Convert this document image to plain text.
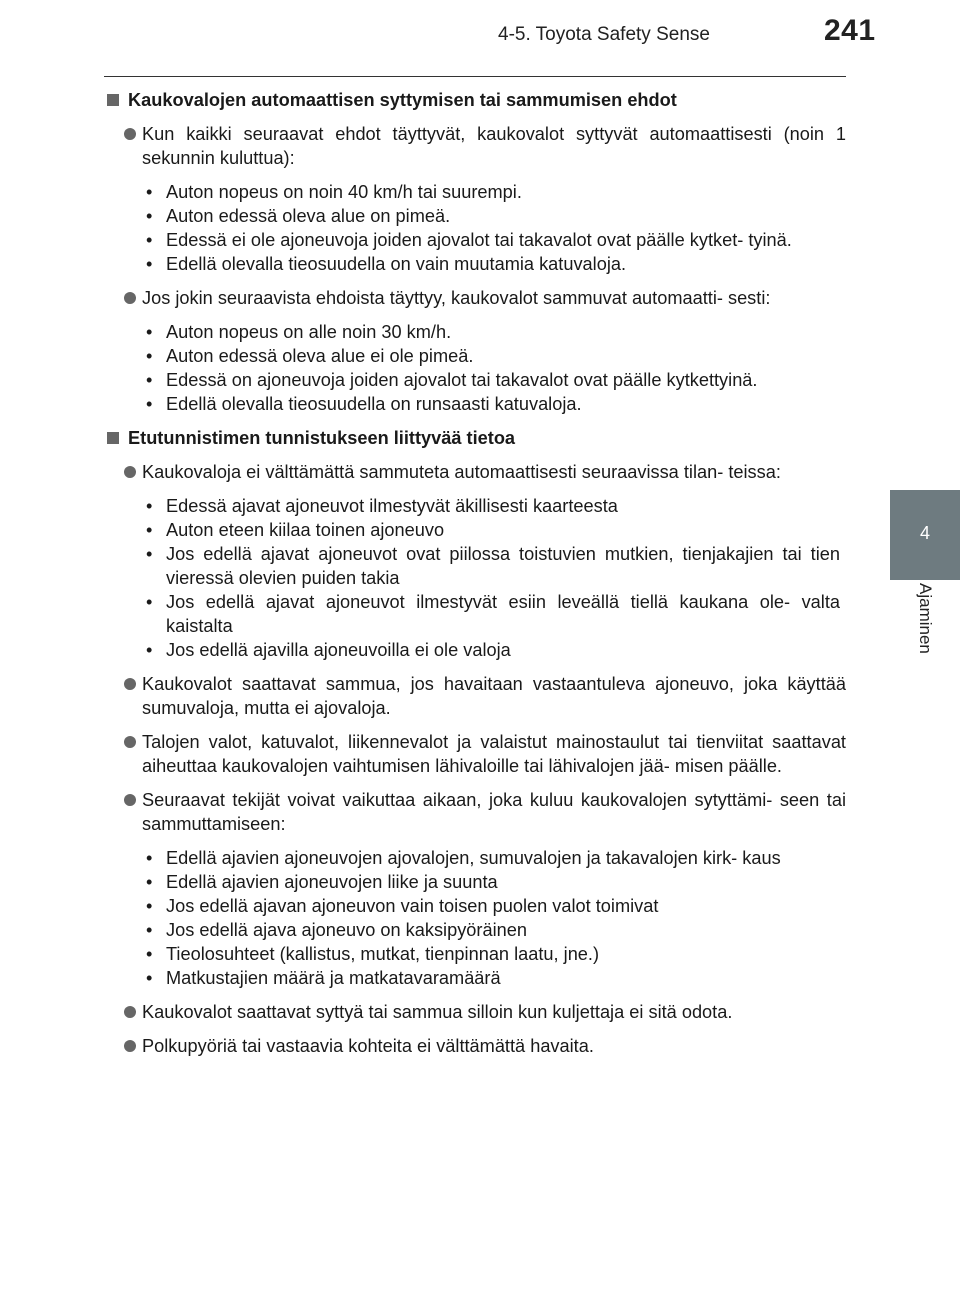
4-5. Toyota Safety Sense	241
4
Ajaminen
Kaukovalojen automaattisen syttymisen tai sammumisen ehdot
Kun kaikki seuraavat ehdot täyttyvät, kaukovalot syttyvät automaattisesti (noin 1 sekunnin kuluttua):
• Auton nopeus on noin 40 km/h tai suurempi.
• Auton edessä oleva alue on pimeä.
• Edessä ei ole ajoneuvoja joiden ajovalot tai takavalot ovat päälle kytket- tyinä.
• Edellä olevalla tieosuudella on vain muutamia katuvaloja.
Jos jokin seuraavista ehdoista täyttyy, kaukovalot sammuvat automaatti- sesti:
• Auton nopeus on alle noin 30 km/h.
• Auton edessä oleva alue ei ole pimeä.
• Edessä on ajoneuvoja joiden ajovalot tai takavalot ovat päälle kytkettyinä.
• Edellä olevalla tieosuudella on runsaasti katuvaloja.
Etutunnistimen tunnistukseen liittyvää tietoa
Kaukovaloja ei välttämättä sammuteta automaattisesti seuraavissa tilan- teissa:
• Edessä ajavat ajoneuvot ilmestyvät äkillisesti kaarteesta
• Auton eteen kiilaa toinen ajoneuvo
• Jos edellä ajavat ajoneuvot ovat piilossa toistuvien mutkien, tienjakajien tai tien vieressä olevien puiden takia
• Jos edellä ajavat ajoneuvot ilmestyvät esiin leveällä tiellä kaukana ole- valta kaistalta
• Jos edellä ajavilla ajoneuvoilla ei ole valoja
Kaukovalot saattavat sammua, jos havaitaan vastaantuleva ajoneuvo, joka käyttää sumuvaloja, mutta ei ajovaloja.
Talojen valot, katuvalot, liikennevalot ja valaistut mainostaulut tai tienviitat saattavat aiheuttaa kaukovalojen vaihtumisen lähivaloille tai lähivalojen jää- misen päälle.
Seuraavat tekijät voivat vaikuttaa aikaan, joka kuluu kaukovalojen sytyttämi- seen tai sammuttamiseen:
• Edellä ajavien ajoneuvojen ajovalojen, sumuvalojen ja takavalojen kirk- kaus
• Edellä ajavien ajoneuvojen liike ja suunta
• Jos edellä ajavan ajoneuvon vain toisen puolen valot toimivat
• Jos edellä ajava ajoneuvo on kaksipyöräinen
• Tieolosuhteet (kallistus, mutkat, tienpinnan laatu, jne.)
• Matkustajien määrä ja matkatavaramäärä
Kaukovalot saattavat syttyä tai sammua silloin kun kuljettaja ei sitä odota.
Polkupyöriä tai vastaavia kohteita ei välttämättä havaita.
